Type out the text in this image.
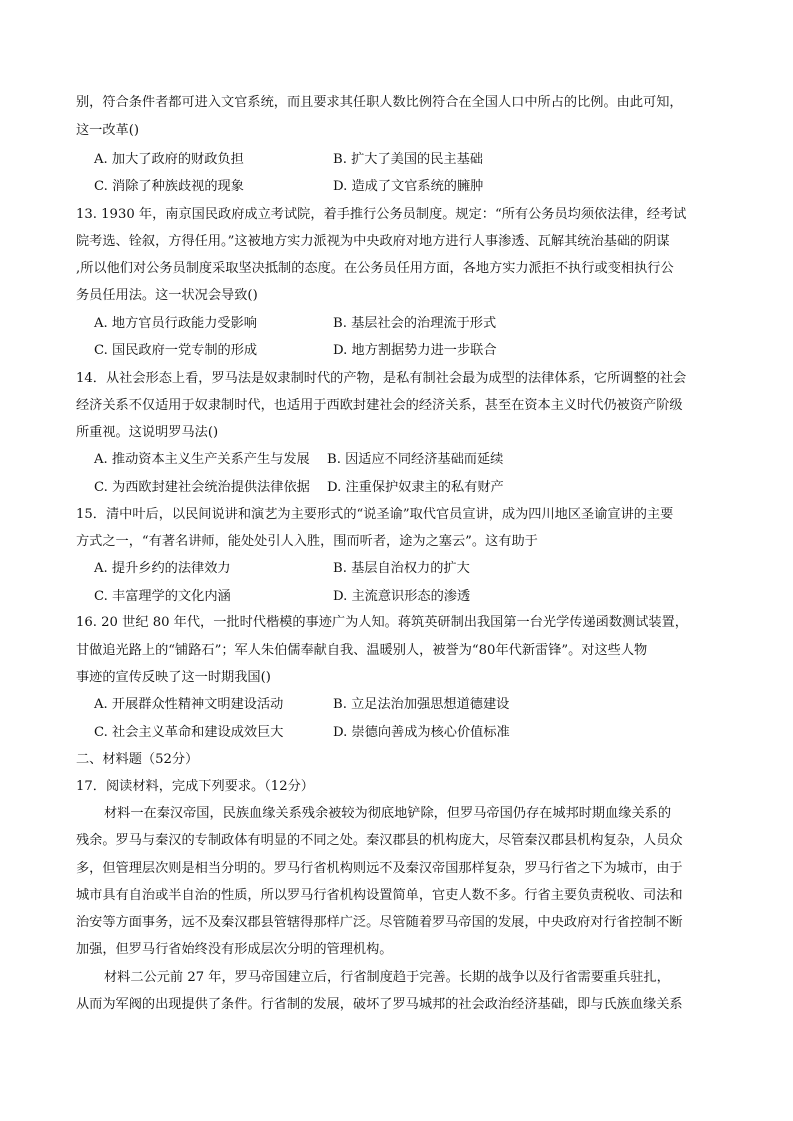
别，符合条件者都可进入文官系统，而且要求其任职人数比例符合在全国人口中所占的比例。由此可知，
这一改革()
A. 加大了政府的财政负担	B. 扩大了美国的民主基础
C. 消除了种族歧视的现象	D. 造成了文官系统的臃肿
13. 1930 年，南京国民政府成立考试院，着手推行公务员制度。规定：“所有公务员均须依法律，经考试
院考选、铨叙，方得任用。”这被地方实力派视为中央政府对地方进行人事渗透、瓦解其统治基础的阴谋
,所以他们对公务员制度采取坚决抵制的态度。在公务员任用方面，各地方实力派拒不执行或变相执行公
务员任用法。这一状况会导致()
A. 地方官员行政能力受影响	B. 基层社会的治理流于形式
C. 国民政府一党专制的形成	D. 地方割据势力进一步联合
14．从社会形态上看，罗马法是奴隶制时代的产物，是私有制社会最为成型的法律体系，它所调整的社会
经济关系不仅适用于奴隶制时代，也适用于西欧封建社会的经济关系，甚至在资本主义时代仍被资产阶级
所重视。这说明罗马法()
A. 推动资本主义生产关系产生与发展	B. 因适应不同经济基础而延续
C. 为西欧封建社会统治提供法律依据	D. 注重保护奴隶主的私有财产
15．清中叶后，以民间说讲和演艺为主要形式的“说圣谕”取代官员宣讲，成为四川地区圣谕宣讲的主要
方式之一，“有著名讲师，能处处引人入胜，围而听者，途为之塞云”。这有助于
A. 提升乡约的法律效力	B. 基层自治权力的扩大
C. 丰富理学的文化内涵	D. 主流意识形态的渗透
16. 20 世纪 80 年代，一批时代楷模的事迹广为人知。蒋筑英研制出我国第一台光学传递函数测试装置，
甘做追光路上的“铺路石”；军人朱伯儒奉献自我、温暖别人，被誉为“80年代新雷锋”。对这些人物
事迹的宣传反映了这一时期我国()
A. 开展群众性精神文明建设活动	B. 立足法治加强思想道德建设
C. 社会主义革命和建设成效巨大	D. 崇德向善成为核心价值标准
二、材料题（52分）
17．阅读材料，完成下列要求。（12分）
材料一在秦汉帝国，民族血缘关系残余被较为彻底地铲除，但罗马帝国仍存在城邦时期血缘关系的
残余。罗马与秦汉的专制政体有明显的不同之处。秦汉郡县的机构庞大，尽管秦汉郡县机构复杂，人员众
多，但管理层次则是相当分明的。罗马行省机构则远不及秦汉帝国那样复杂，罗马行省之下为城市，由于
城市具有自治或半自治的性质，所以罗马行省机构设置简单，官吏人数不多。行省主要负责税收、司法和
治安等方面事务，远不及秦汉郡县管辖得那样广泛。尽管随着罗马帝国的发展，中央政府对行省控制不断
加强，但罗马行省始终没有形成层次分明的管理机构。
材料二公元前 27 年，罗马帝国建立后，行省制度趋于完善。长期的战争以及行省需要重兵驻扎，
从而为军阀的出现提供了条件。行省制的发展，破坏了罗马城邦的社会政治经济基础，即与氏族血缘关系
